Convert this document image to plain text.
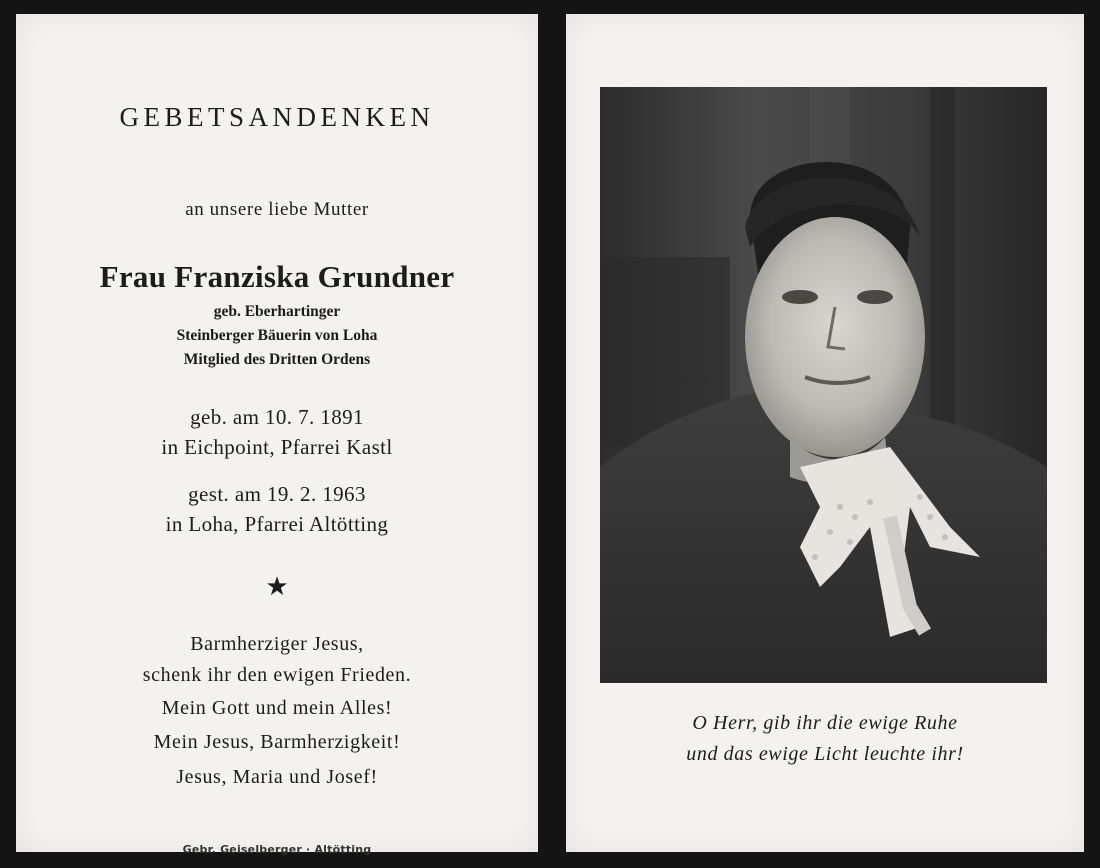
GEBETSANDENKEN
an unsere liebe Mutter
Frau Franziska Grundner
geb. Eberhartinger
Steinberger Bäuerin von Loha
Mitglied des Dritten Ordens
geb. am 10. 7. 1891
in Eichpoint, Pfarrei Kastl
gest. am 19. 2. 1963
in Loha, Pfarrei Altötting
★
Barmherziger Jesus,
schenk ihr den ewigen Frieden.
Mein Gott und mein Alles!
Mein Jesus, Barmherzigkeit!
Jesus, Maria und Josef!
Gebr. Geiselberger · Altötting
O Herr, gib ihr die ewige Ruhe
und das ewige Licht leuchte ihr!
